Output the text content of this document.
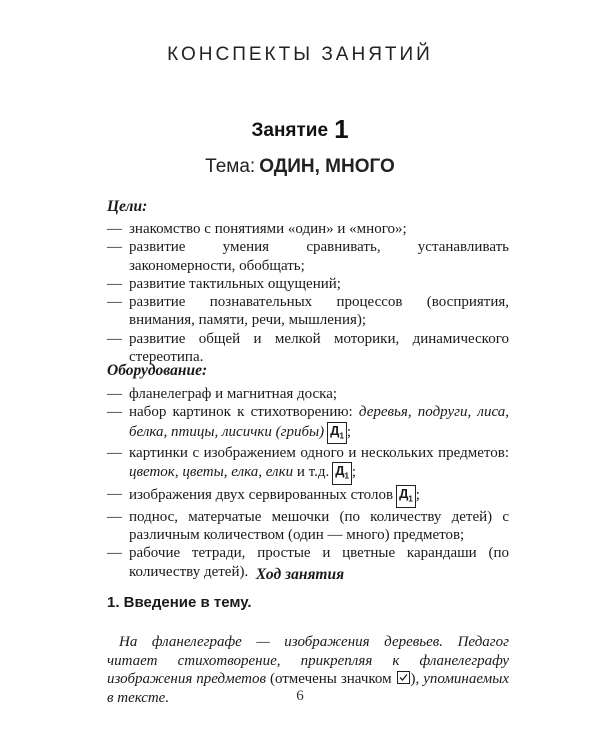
КОНСПЕКТЫ ЗАНЯТИЙ
Занятие 1
Тема: ОДИН, МНОГО
Цели:
— знакомство с понятиями «один» и «много»;
— развитие умения сравнивать, устанавливать закономерности, обобщать;
— развитие тактильных ощущений;
— развитие познавательных процессов (восприятия, внимания, памяти, речи, мышления);
— развитие общей и мелкой моторики, динамического стереотипа.
Оборудование:
— фланелеграф и магнитная доска;
— набор картинок к стихотворению: деревья, подруги, лиса, белка, птицы, лисички (грибы) $Д_1$ ;
— картинки с изображением одного и нескольких предметов: цветок, цветы, елка, елки и т.д. $Д_1$ ;
— изображения двух сервированных столов $Д_1$ ;
— поднос, матерчатые мешочки (по количеству детей) с различным количеством (один — много) предметов;
— рабочие тетради, простые и цветные карандаши (по количеству детей). Ход занятия
1. Введение в тему.

На фланелеграфе — изображения деревьев. Педагог читает стихотворение, прикрепляя к фланелеграфу изображения предметов (отмечены значком ), упоминаемых в тексте.	6
